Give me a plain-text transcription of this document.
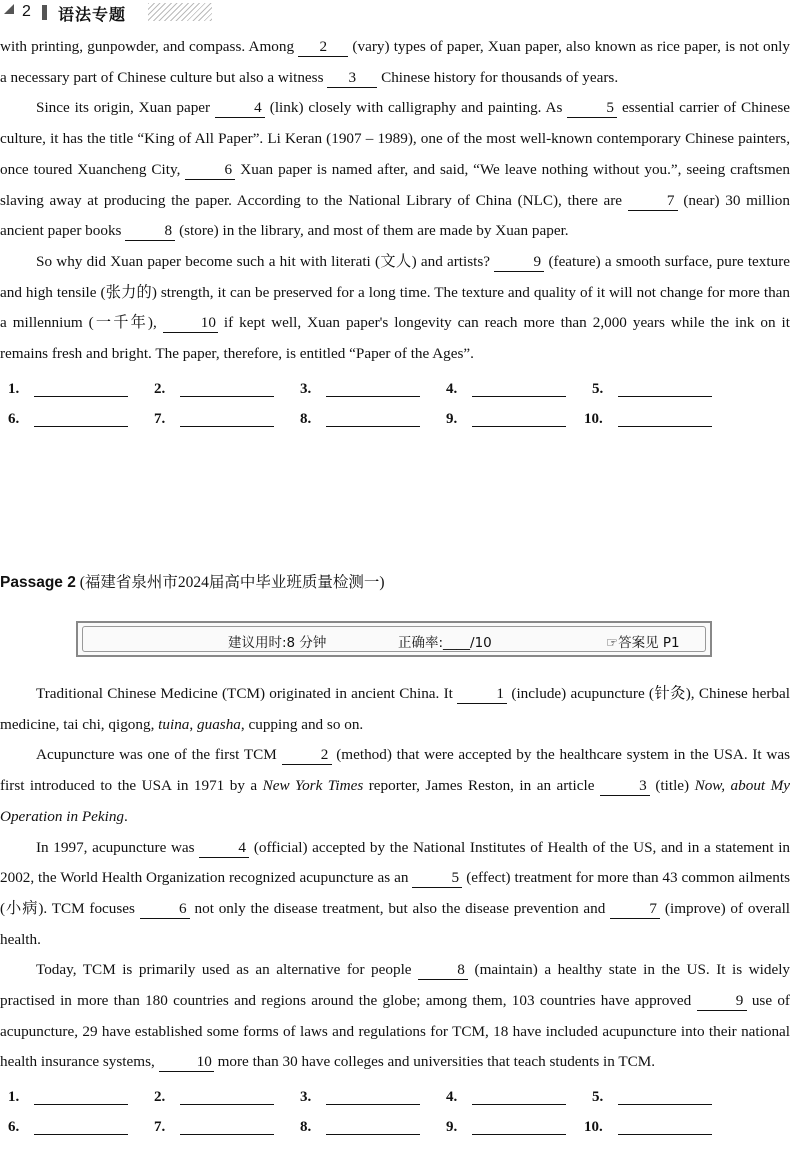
2 语法专题

with printing, gunpowder, and compass. Among 2 (vary) types of paper, Xuan paper, also known as rice paper, is not only a necessary part of Chinese culture but also a witness 3 Chinese history for thousands of years.

Since its origin, Xuan paper	4 (link) closely with calligraphy and painting. As	5 essential carrier of Chinese culture, it has the title “King of All Paper”. Li Keran (1907 – 1989), one of the most well-known contemporary Chinese painters, once toured Xuancheng City,	6 Xuan paper is named after, and said, “We leave nothing without you.”, seeing craftsmen slaving away at producing the paper. According to the National Library of China (NLC), there are	7 (near) 30 million ancient paper books	8 (store) in the library, and most of them are made by Xuan paper.

So why did Xuan paper become such a hit with literati (文人) and artists?	9 (feature) a smooth surface, pure texture and high tensile (张力的) strength, it can be preserved for a long time. The texture and quality of it will not change for more than a millennium (一千年),	10 if kept well, Xuan paper's longevity can reach more than 2,000 years while the ink on it remains fresh and bright. The paper, therefore, is entitled “Paper of the Ages”.

1.	2.	3.	4.	5.
6.	7.	8.	9.	10.
Passage 2 (福建省泉州市2024届高中毕业班质量检测一)
建议用时:8 分钟	正确率:____/10	☞答案见 P1

Traditional Chinese Medicine (TCM) originated in ancient China. It	1 (include) acupuncture (针灸), Chinese herbal medicine, tai chi, qigong, tuina, guasha, cupping and so on.

Acupuncture was one of the first TCM	2 (method) that were accepted by the healthcare system in the USA. It was first introduced to the USA in 1971 by a New York Times reporter, James Reston, in an article	3 (title) Now, about My Operation in Peking.

In 1997, acupuncture was	4 (official) accepted by the National Institutes of Health of the US, and in a statement in 2002, the World Health Organization recognized acupuncture as an	5 (effect) treatment for more than 43 common ailments (小病). TCM focuses	6 not only the disease treatment, but also the disease prevention and	7 (improve) of overall health.

Today, TCM is primarily used as an alternative for people	8 (maintain) a healthy state in the US. It is widely practised in more than 180 countries and regions around the globe; among them, 103 countries have approved	9 use of acupuncture, 29 have established some forms of laws and regulations for TCM, 18 have included acupuncture into their national health insurance systems,	10 more than 30 have colleges and universities that teach students in TCM.

1.	2.	3.	4.	5.
6.	7.	8.	9.	10.
